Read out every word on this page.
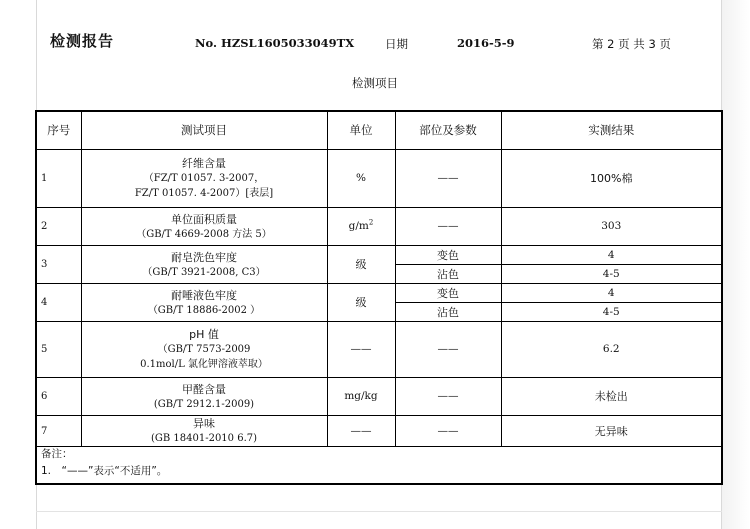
检测报告	No. HZSL1605033049TX	日期	2016-5-9	第 2 页 共 3 页
检测项目
序号	测试项目	单位	部位及参数	实测结果
1	纤维含量
（FZ/T 01057. 3-2007，
FZ/T 01057. 4-2007）[表层]	%	——	100%棉
2	单位面积质量
（GB/T 4669-2008 方法 5）	$g/m^2$	——	303
3	耐皂洗色牢度
（GB/T 3921-2008, C3）	级	变色	4
			沾色	4-5
4	耐唾液色牢度
（GB/T 18886-2002 ）	级	变色	4
			沾色	4-5
5	pH 值
（GB/T 7573-2009
0.1mol/L 氯化钾溶液萃取）	——	——	6.2
6	甲醛含量
(GB/T 2912.1-2009)	mg/kg	——	未检出
7	异味
(GB 18401-2010 6.7)	——	——	无异味

备注：
1.　“——”表示“不适用”。				
